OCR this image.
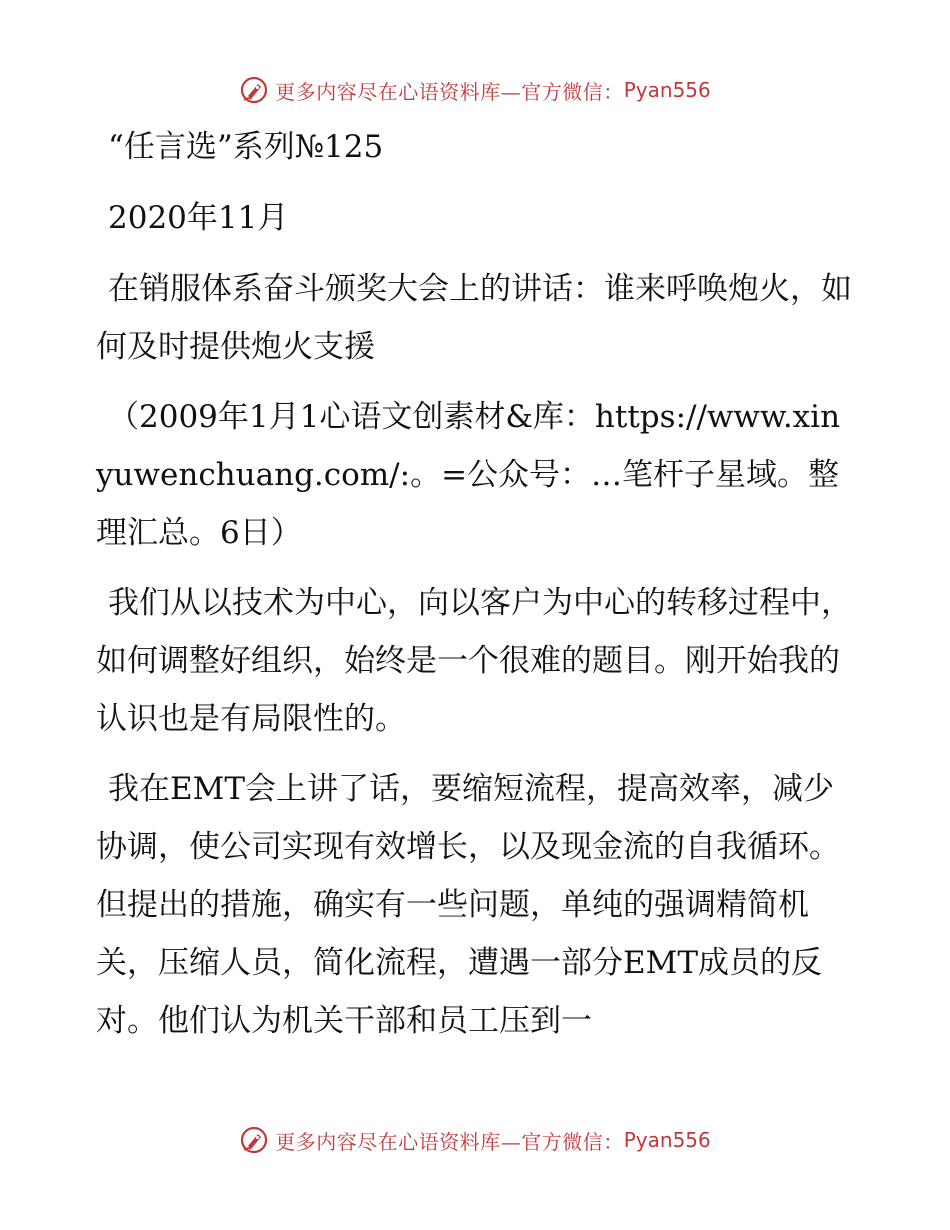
更多内容尽在心语资料库—官方微信： Pyan556

“任言选”系列№125

2020年11月

在销服体系奋斗颁奖大会上的讲话：谁来呼唤炮火，如何及时提供炮火支援

（2009年1月1心语文创素材&库：https://www.xinyuwenchuang.com/:。=公众号：…笔杆子星域。整理汇总。6日）

我们从以技术为中心，向以客户为中心的转移过程中，如何调整好组织，始终是一个很难的题目。刚开始我的认识也是有局限性的。

我在EMT会上讲了话，要缩短流程，提高效率，减少协调，使公司实现有效增长，以及现金流的自我循环。但提出的措施，确实有一些问题，单纯的强调精简机关，压缩人员，简化流程，遭遇一部分EMT成员的反对。他们认为机关干部和员工压到一

更多内容尽在心语资料库—官方微信： Pyan556
